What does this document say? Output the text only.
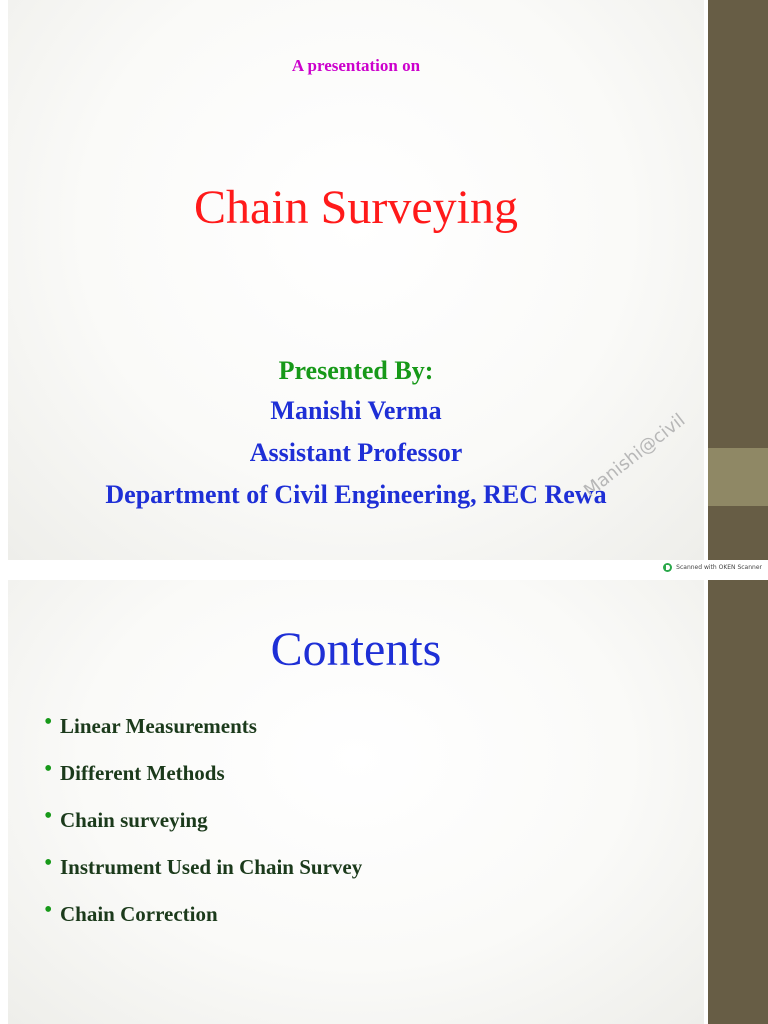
A presentation on
Chain Surveying
Presented By:
Manishi Verma
Assistant Professor
Department of Civil Engineering, REC Rewa
Manishi@civil
Scanned with OKEN Scanner
Contents
• Linear Measurements
• Different Methods
• Chain surveying
• Instrument Used in Chain Survey
• Chain Correction
